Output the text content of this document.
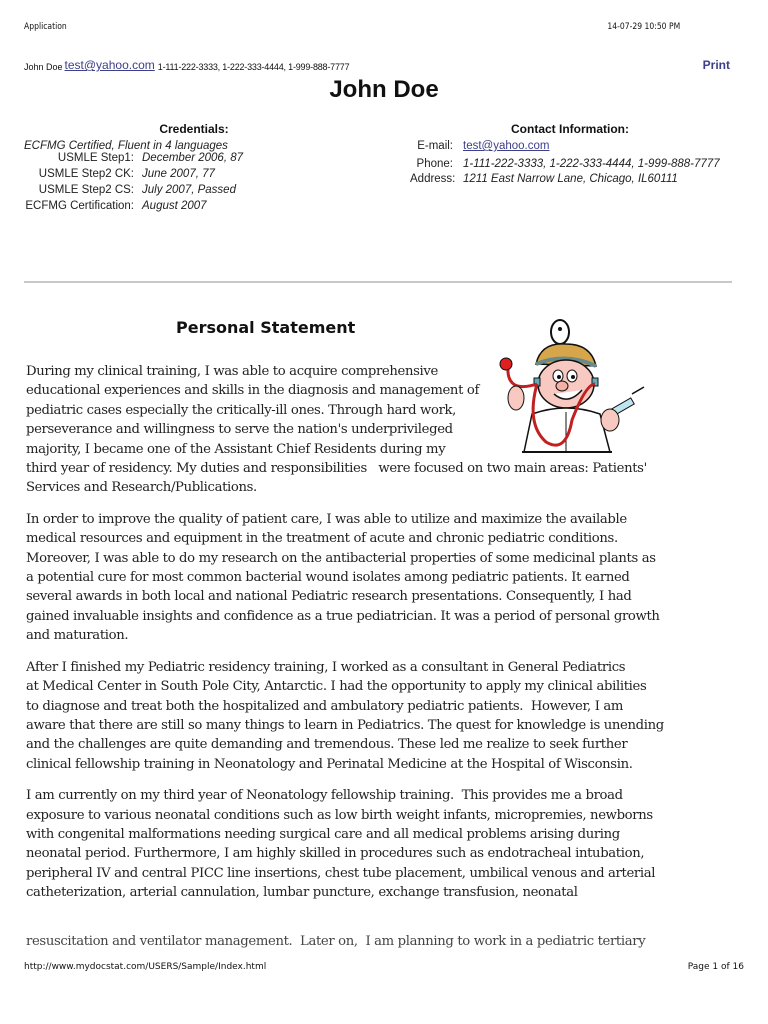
Application	14-07-29 10:50 PM
John Doe test@yahoo.com 1-111-222-3333, 1-222-333-4444, 1-999-888-7777	Print
John Doe
Credentials:
ECFMG Certified, Fluent in 4 languages
USMLE Step1: December 2006, 87
USMLE Step2 CK: June 2007, 77
USMLE Step2 CS: July 2007, Passed
ECFMG Certification: August 2007
Contact Information:
E-mail: test@yahoo.com
Phone: 1-111-222-3333, 1-222-333-4444, 1-999-888-7777
Address: 1211 East Narrow Lane, Chicago, IL60111
Personal Statement

During my clinical training, I was able to acquire comprehensive
educational experiences and skills in the diagnosis and management of
pediatric cases especially the critically-ill ones. Through hard work,
perseverance and willingness to serve the nation's underprivileged
majority, I became one of the Assistant Chief Residents during my
third year of residency. My duties and responsibilities   were focused on two main areas: Patients'
Services and Research/Publications.

In order to improve the quality of patient care, I was able to utilize and maximize the available
medical resources and equipment in the treatment of acute and chronic pediatric conditions.
Moreover, I was able to do my research on the antibacterial properties of some medicinal plants as
a potential cure for most common bacterial wound isolates among pediatric patients. It earned
several awards in both local and national Pediatric research presentations. Consequently, I had
gained invaluable insights and confidence as a true pediatrician. It was a period of personal growth
and maturation.

After I finished my Pediatric residency training, I worked as a consultant in General Pediatrics
at Medical Center in South Pole City, Antarctic. I had the opportunity to apply my clinical abilities
to diagnose and treat both the hospitalized and ambulatory pediatric patients.  However, I am
aware that there are still so many things to learn in Pediatrics. The quest for knowledge is unending
and the challenges are quite demanding and tremendous. These led me realize to seek further
clinical fellowship training in Neonatology and Perinatal Medicine at the Hospital of Wisconsin.

I am currently on my third year of Neonatology fellowship training.  This provides me a broad
exposure to various neonatal conditions such as low birth weight infants, micropremies, newborns
with congenital malformations needing surgical care and all medical problems arising during
neonatal period. Furthermore, I am highly skilled in procedures such as endotracheal intubation,
peripheral IV and central PICC line insertions, chest tube placement, umbilical venous and arterial
catheterization, arterial cannulation, lumbar puncture, exchange transfusion, neonatal

resuscitation and ventilator management.  Later on,  I am planning to work in a pediatric tertiary
http://www.mydocstat.com/USERS/Sample/Index.html	Page 1 of 16
